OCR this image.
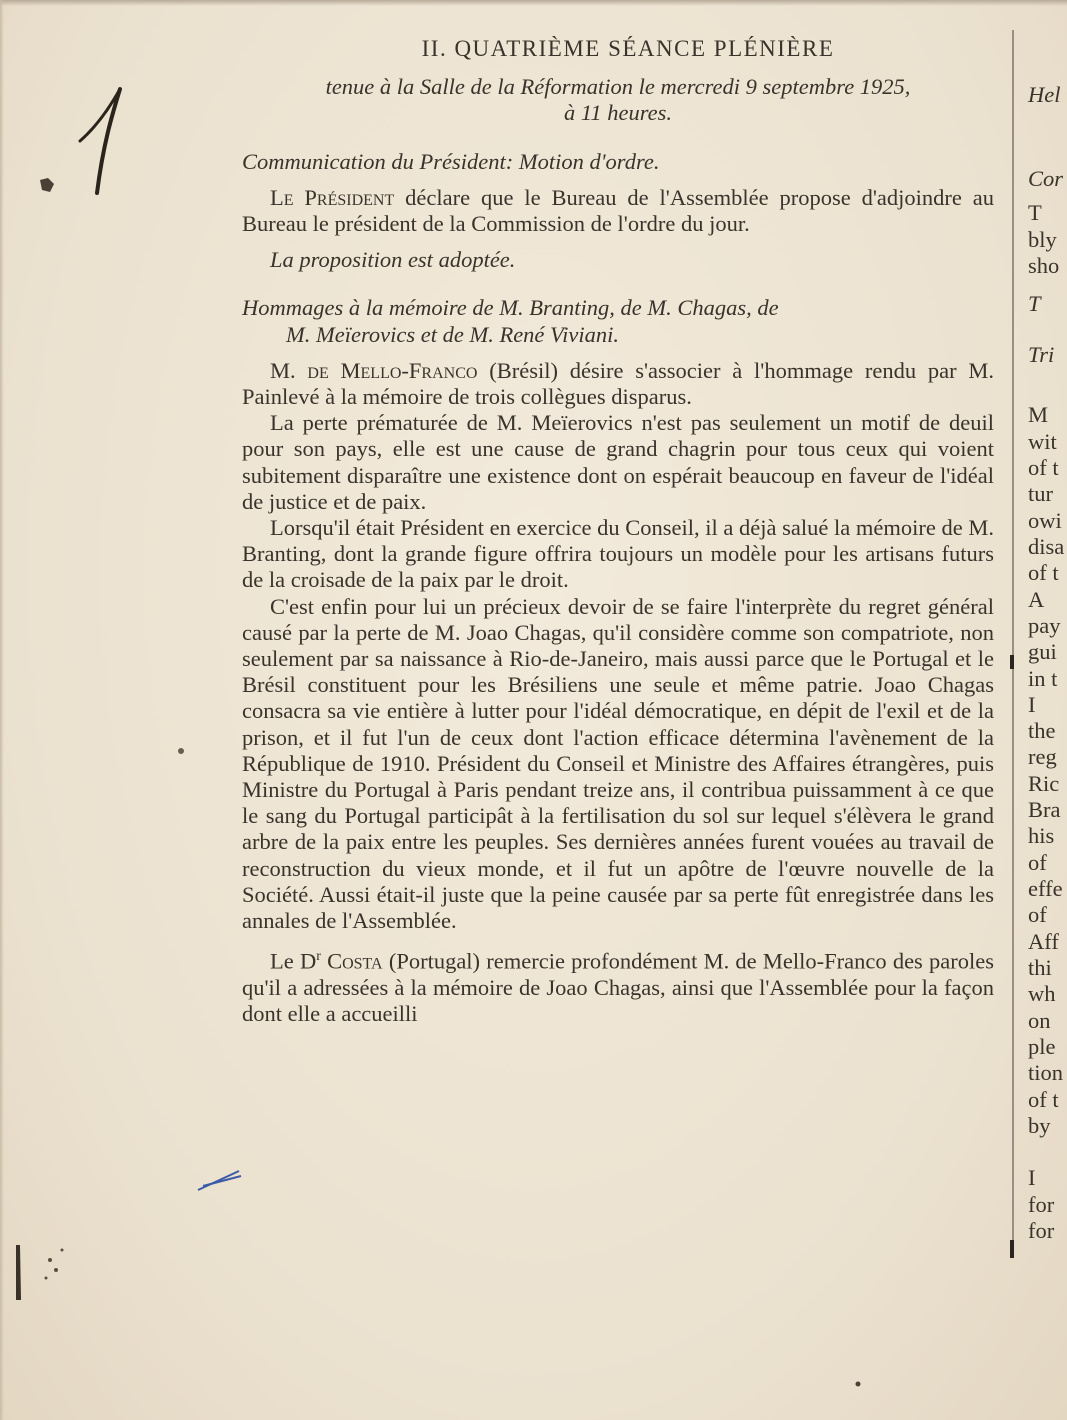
II. QUATRIÈME SÉANCE PLÉNIÈRE
tenue à la Salle de la Réformation le mercredi 9 septembre 1925,
à 11 heures.

Communication du Président: Motion d'ordre.

Le Président déclare que le Bureau de l'Assemblée propose d'adjoindre au Bureau le président de la Commission de l'ordre du jour.

La proposition est adoptée.

Hommages à la mémoire de M. Branting, de M. Chagas, de
M. Meïerovics et de M. René Viviani.

M. de Mello-Franco (Brésil) désire s'associer à l'hommage rendu par M. Painlevé à la mémoire de trois collègues disparus.

La perte prématurée de M. Meïerovics n'est pas seulement un motif de deuil pour son pays, elle est une cause de grand chagrin pour tous ceux qui voient subitement disparaître une existence dont on espérait beaucoup en faveur de l'idéal de justice et de paix.

Lorsqu'il était Président en exercice du Conseil, il a déjà salué la mémoire de M. Branting, dont la grande figure offrira toujours un modèle pour les artisans futurs de la croisade de la paix par le droit.

C'est enfin pour lui un précieux devoir de se faire l'interprète du regret général causé par la perte de M. Joao Chagas, qu'il considère comme son compatriote, non seulement par sa naissance à Rio-de-Janeiro, mais aussi parce que le Portugal et le Brésil constituent pour les Brésiliens une seule et même patrie. Joao Chagas consacra sa vie entière à lutter pour l'idéal démocratique, en dépit de l'exil et de la prison, et il fut l'un de ceux dont l'action efficace détermina l'avènement de la République de 1910. Président du Conseil et Ministre des Affaires étrangères, puis Ministre du Portugal à Paris pendant treize ans, il contribua puissamment à ce que le sang du Portugal participât à la fertilisation du sol sur lequel s'élèvera le grand arbre de la paix entre les peuples. Ses dernières années furent vouées au travail de reconstruction du vieux monde, et il fut un apôtre de l'œuvre nouvelle de la Société. Aussi était-il juste que la peine causée par sa perte fût enregistrée dans les annales de l'Assemblée.

Le $D^r$ Costa (Portugal) remercie profondément M. de Mello-Franco des paroles qu'il a adressées à la mémoire de Joao Chagas, ainsi que l'Assemblée pour la façon dont elle a accueilli

Hel
Cor
T
bly
sho
T
Tri
M
wit
of t
tur
owi
disa
of t
A
pay
gui
in t
I
the
reg
Ric
Bra
his
of
effe
of
Aff
thi
wh
on
ple
tion
of t
by
I
for
for
